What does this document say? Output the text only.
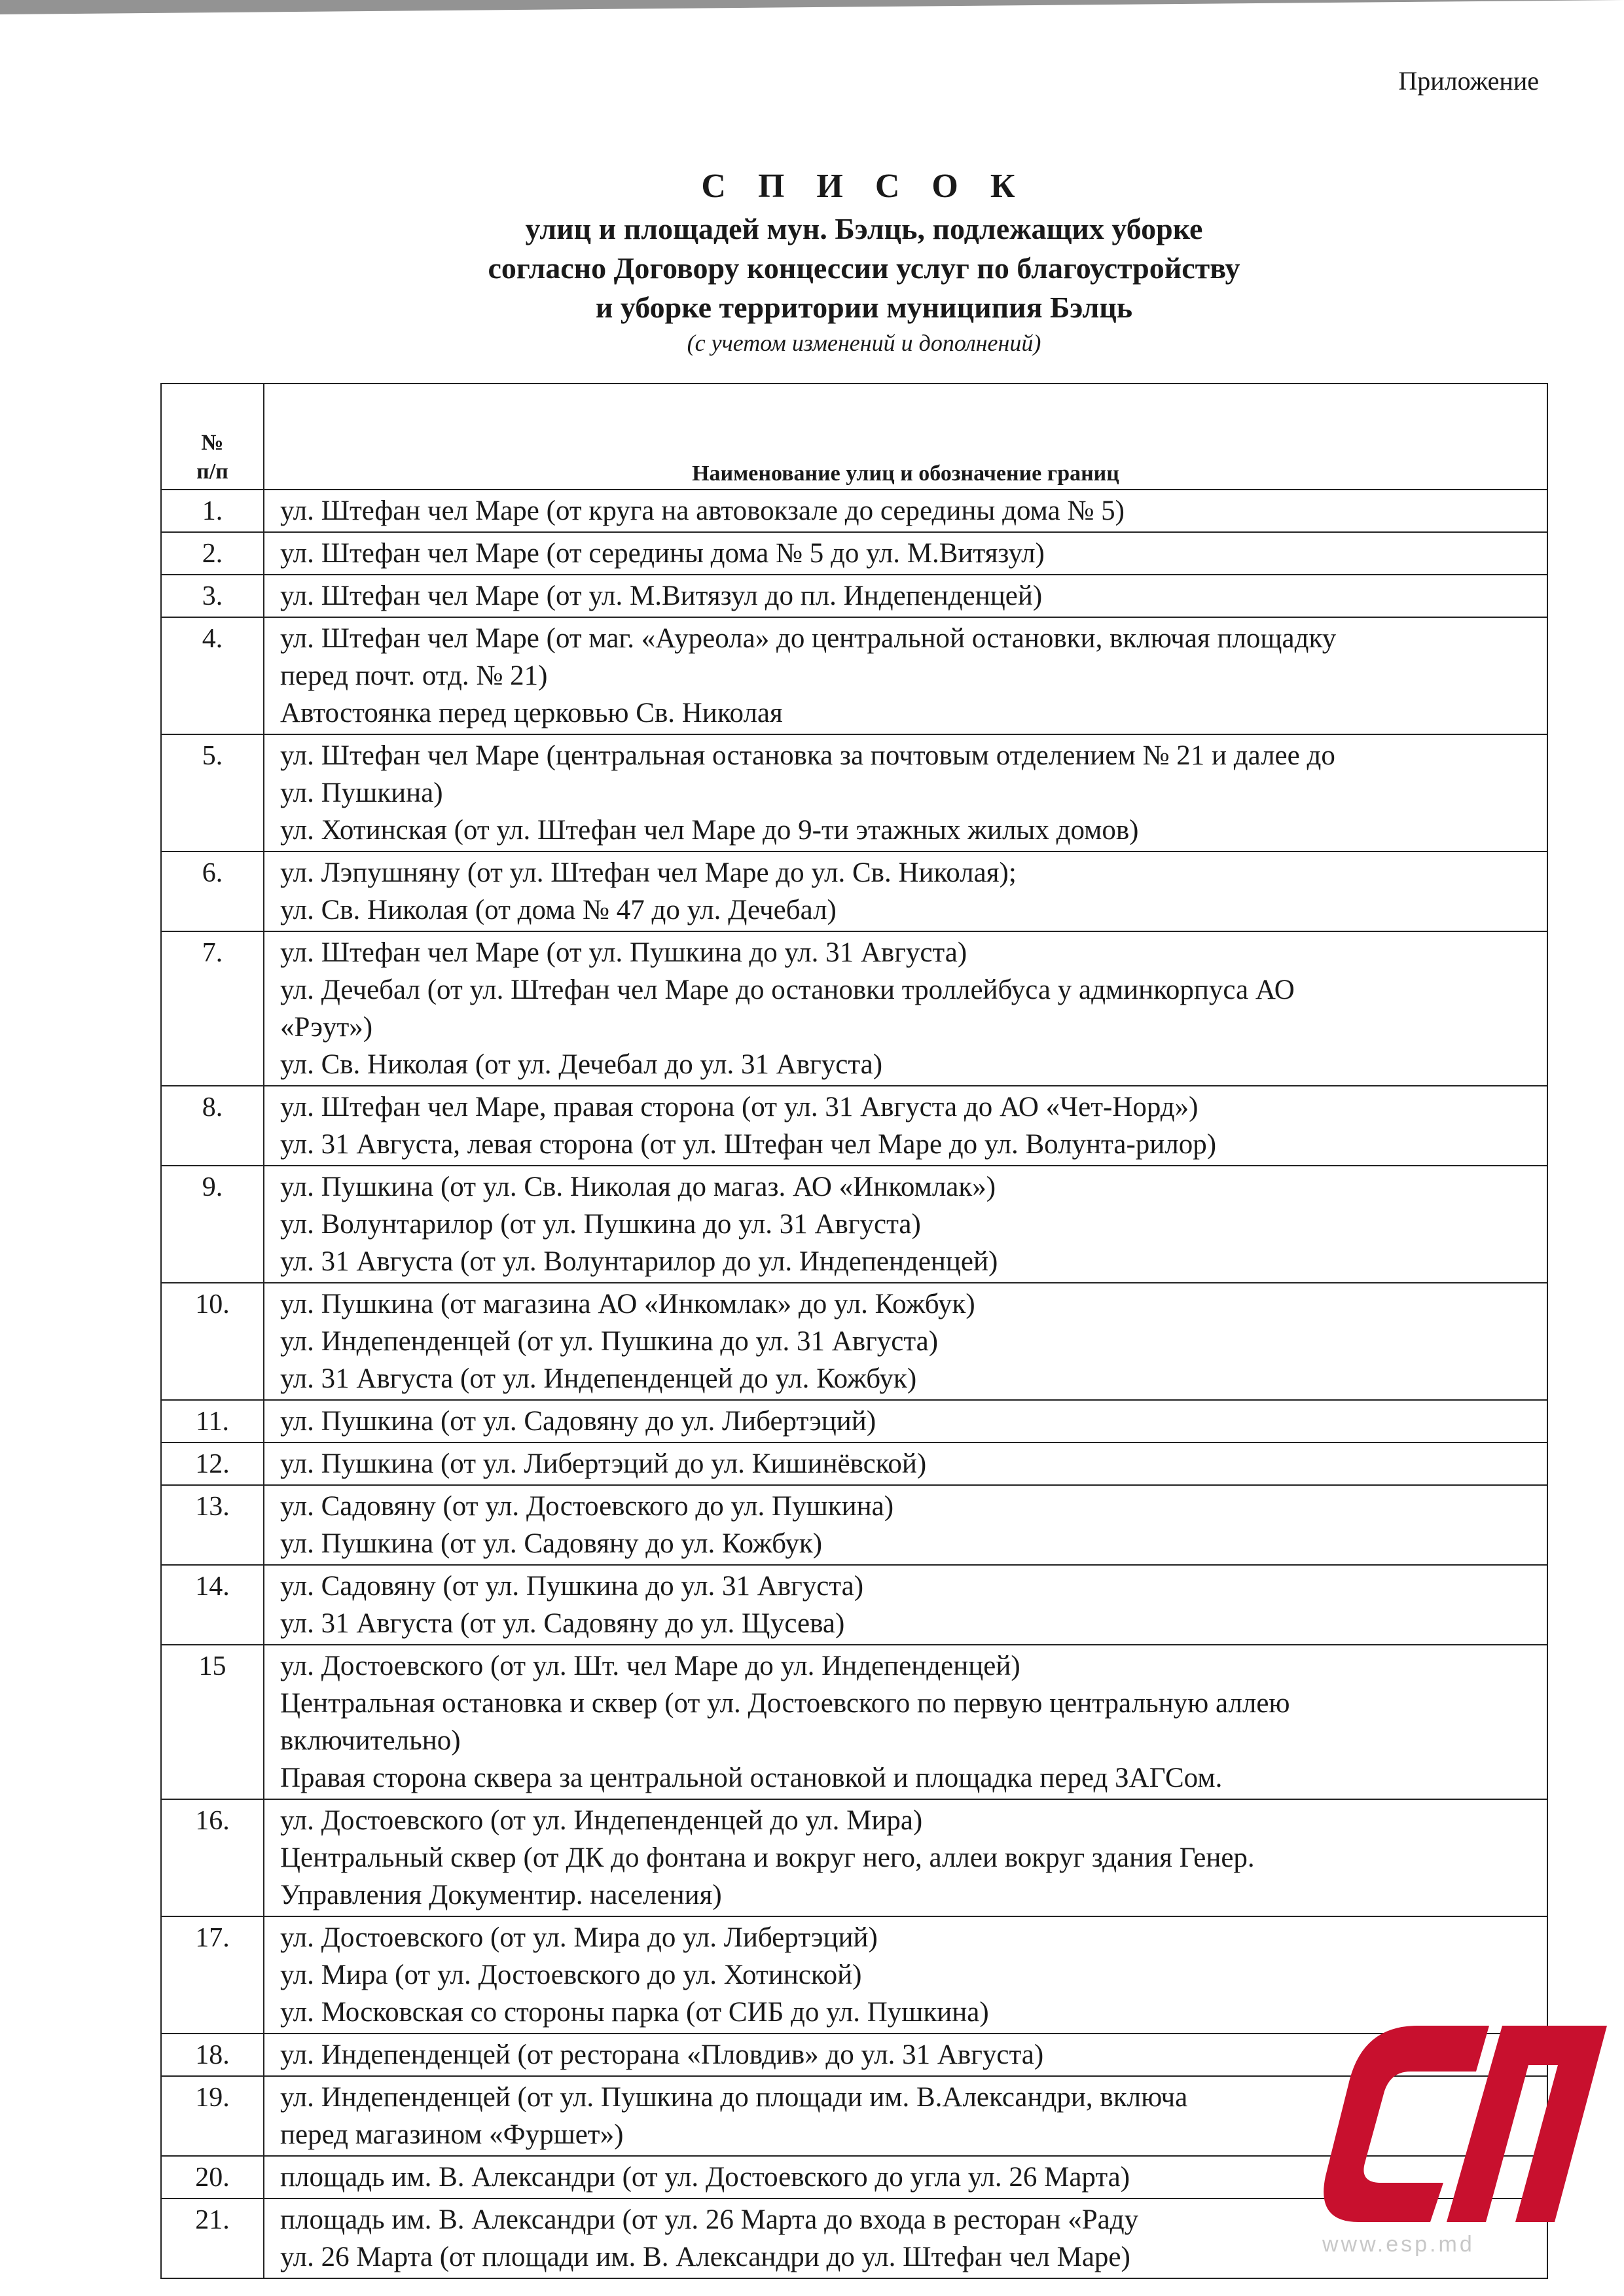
Приложение
С П И С О К
улиц и площадей мун. Бэлць, подлежащих уборке
согласно Договору концессии услуг по благоустройству
и уборке территории муниципия Бэлць
(с учетом изменений и дополнений)
№
п/п	Наименование улиц и обозначение границ
1.	ул. Штефан чел Маре (от круга на автовокзале до середины дома № 5)

2.	ул. Штефан чел Маре (от середины дома № 5 до ул. М.Витязул)

3.	ул. Штефан чел Маре (от ул. М.Витязул до пл. Индепенденцей)

4.	ул. Штефан чел Маре (от маг. «Ауреола» до центральной остановки, включая площадку
перед почт. отд. № 21)
Автостоянка перед церковью Св. Николая

5.	ул. Штефан чел Маре (центральная остановка за почтовым отделением № 21 и далее до
ул. Пушкина)
ул. Хотинская (от ул. Штефан чел Маре до 9-ти этажных жилых домов)

6.	ул. Лэпушняну (от ул. Штефан чел Маре до ул. Св. Николая);
ул. Св. Николая (от дома № 47 до ул. Дечебал)

7.	ул. Штефан чел Маре (от ул. Пушкина до ул. 31 Августа)
ул. Дечебал (от ул. Штефан чел Маре до остановки троллейбуса у админкорпуса АО
«Рэут»)
ул. Св. Николая (от ул. Дечебал до ул. 31 Августа)

8.	ул. Штефан чел Маре, правая сторона (от ул. 31 Августа до АО «Чет-Норд»)
ул. 31 Августа, левая сторона (от ул. Штефан чел Маре до ул. Волунта-рилор)

9.	ул. Пушкина (от ул. Св. Николая до магаз. АО «Инкомлак»)
ул. Волунтарилор (от ул. Пушкина до ул. 31 Августа)
ул. 31 Августа (от ул. Волунтарилор до ул. Индепенденцей)

10.	ул. Пушкина (от магазина АО «Инкомлак» до ул. Кожбук)
ул. Индепенденцей (от ул. Пушкина до ул. 31 Августа)
ул. 31 Августа (от ул. Индепенденцей до ул. Кожбук)

11.	ул. Пушкина (от ул. Садовяну до ул. Либертэций)

12.	ул. Пушкина (от ул. Либертэций до ул. Кишинёвской)

13.	ул. Садовяну (от ул. Достоевского до ул. Пушкина)
ул. Пушкина (от ул. Садовяну до ул. Кожбук)

14.	ул. Садовяну (от ул. Пушкина до ул. 31 Августа)
ул. 31 Августа (от ул. Садовяну до ул. Щусева)

15	ул. Достоевского (от ул. Шт. чел Маре до ул. Индепенденцей)
Центральная остановка и сквер (от ул. Достоевского по первую центральную аллею
включительно)
Правая сторона сквера за центральной остановкой и площадка перед ЗАГСом.

16.	ул. Достоевского (от ул. Индепенденцей до ул. Мира)
Центральный сквер (от ДК до фонтана и вокруг него, аллеи вокруг здания Генер.
Управления Документир. населения)

17.	ул. Достоевского (от ул. Мира до ул. Либертэций)
ул. Мира (от ул. Достоевского до ул. Хотинской)
ул. Московская со стороны парка (от СИБ до ул. Пушкина)

18.	ул. Индепенденцей (от ресторана «Пловдив» до ул. 31 Августа)

19.	ул. Индепенденцей (от ул. Пушкина до площади им. В.Александри, включа
перед магазином «Фуршет»)

20.	площадь им. В. Александри (от ул. Достоевского до угла ул. 26 Марта)

21.	площадь им. В. Александри (от ул. 26 Марта до входа в ресторан «Раду
ул. 26 Марта (от площади им. В. Александри до ул. Штефан чел Маре)	www.esp.md
